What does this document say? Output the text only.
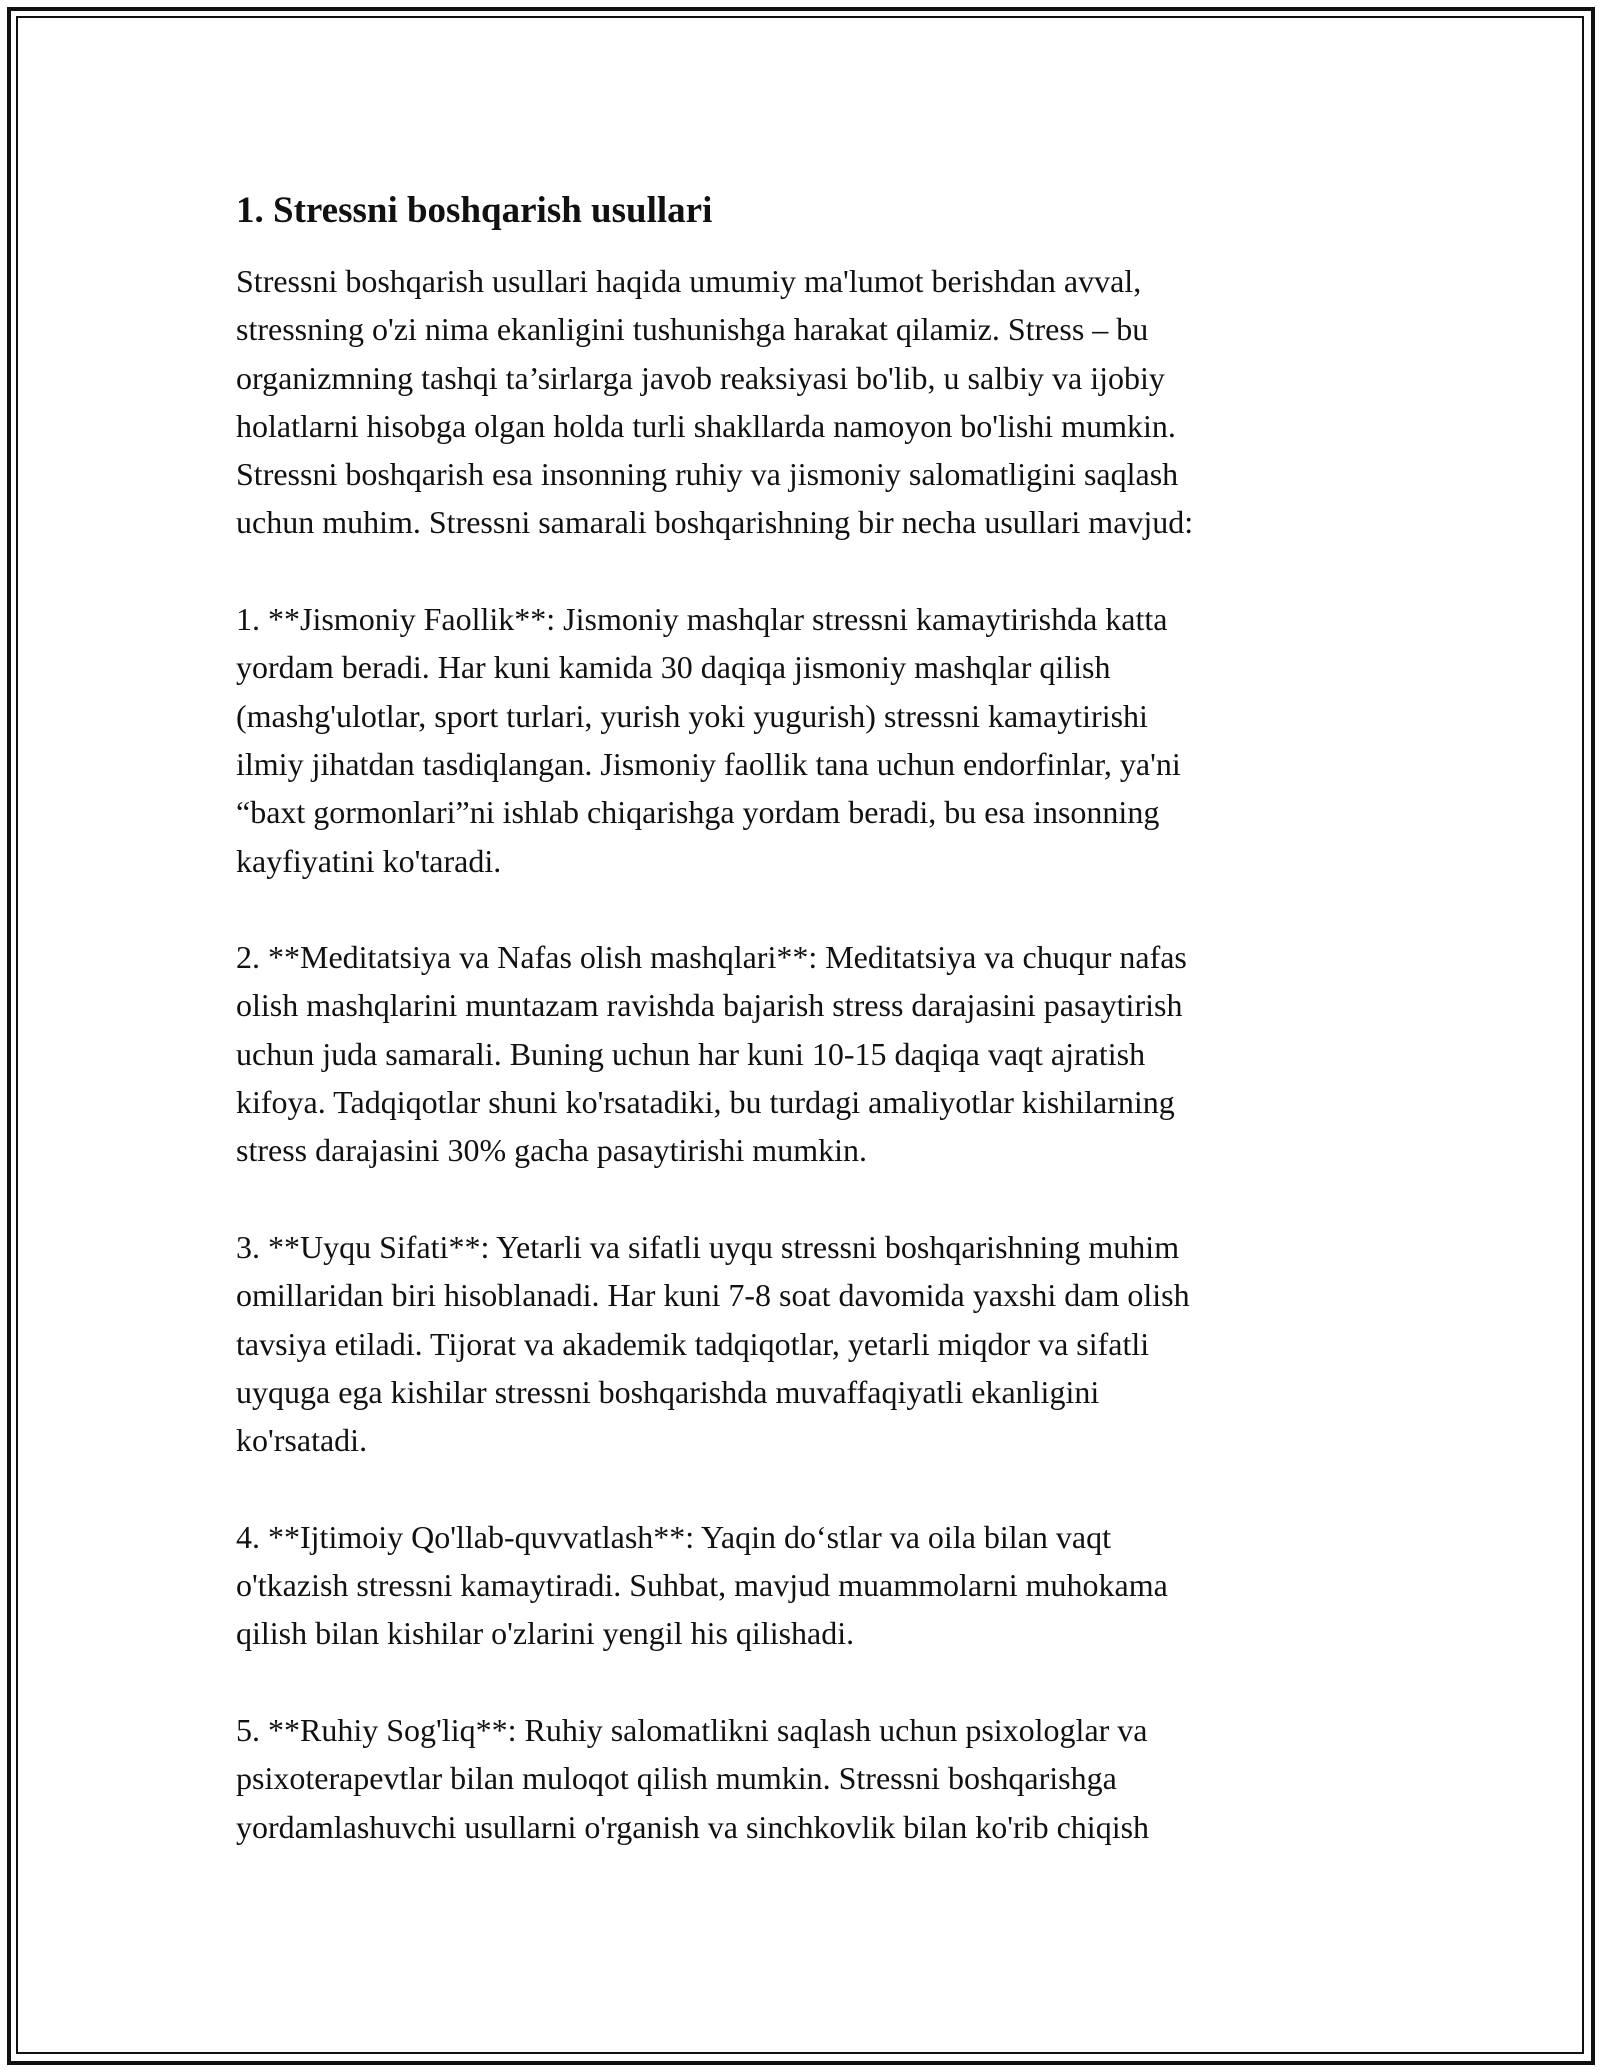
1. Stressni boshqarish usullari

Stressni boshqarish usullari haqida umumiy ma'lumot berishdan avval,
stressning o'zi nima ekanligini tushunishga harakat qilamiz. Stress – bu
organizmning tashqi ta’sirlarga javob reaksiyasi bo'lib, u salbiy va ijobiy
holatlarni hisobga olgan holda turli shakllarda namoyon bo'lishi mumkin.
Stressni boshqarish esa insonning ruhiy va jismoniy salomatligini saqlash
uchun muhim. Stressni samarali boshqarishning bir necha usullari mavjud:

1. **Jismoniy Faollik**: Jismoniy mashqlar stressni kamaytirishda katta
yordam beradi. Har kuni kamida 30 daqiqa jismoniy mashqlar qilish
(mashg'ulotlar, sport turlari, yurish yoki yugurish) stressni kamaytirishi
ilmiy jihatdan tasdiqlangan. Jismoniy faollik tana uchun endorfinlar, ya'ni
“baxt gormonlari”ni ishlab chiqarishga yordam beradi, bu esa insonning
kayfiyatini ko'taradi.

2. **Meditatsiya va Nafas olish mashqlari**: Meditatsiya va chuqur nafas
olish mashqlarini muntazam ravishda bajarish stress darajasini pasaytirish
uchun juda samarali. Buning uchun har kuni 10-15 daqiqa vaqt ajratish
kifoya. Tadqiqotlar shuni ko'rsatadiki, bu turdagi amaliyotlar kishilarning
stress darajasini 30% gacha pasaytirishi mumkin.

3. **Uyqu Sifati**: Yetarli va sifatli uyqu stressni boshqarishning muhim
omillaridan biri hisoblanadi. Har kuni 7-8 soat davomida yaxshi dam olish
tavsiya etiladi. Tijorat va akademik tadqiqotlar, yetarli miqdor va sifatli
uyquga ega kishilar stressni boshqarishda muvaffaqiyatli ekanligini
ko'rsatadi.

4. **Ijtimoiy Qo'llab-quvvatlash**: Yaqin do‘stlar va oila bilan vaqt
o'tkazish stressni kamaytiradi. Suhbat, mavjud muammolarni muhokama
qilish bilan kishilar o'zlarini yengil his qilishadi.

5. **Ruhiy Sog'liq**: Ruhiy salomatlikni saqlash uchun psixologlar va
psixoterapevtlar bilan muloqot qilish mumkin. Stressni boshqarishga
yordamlashuvchi usullarni o'rganish va sinchkovlik bilan ko'rib chiqish
